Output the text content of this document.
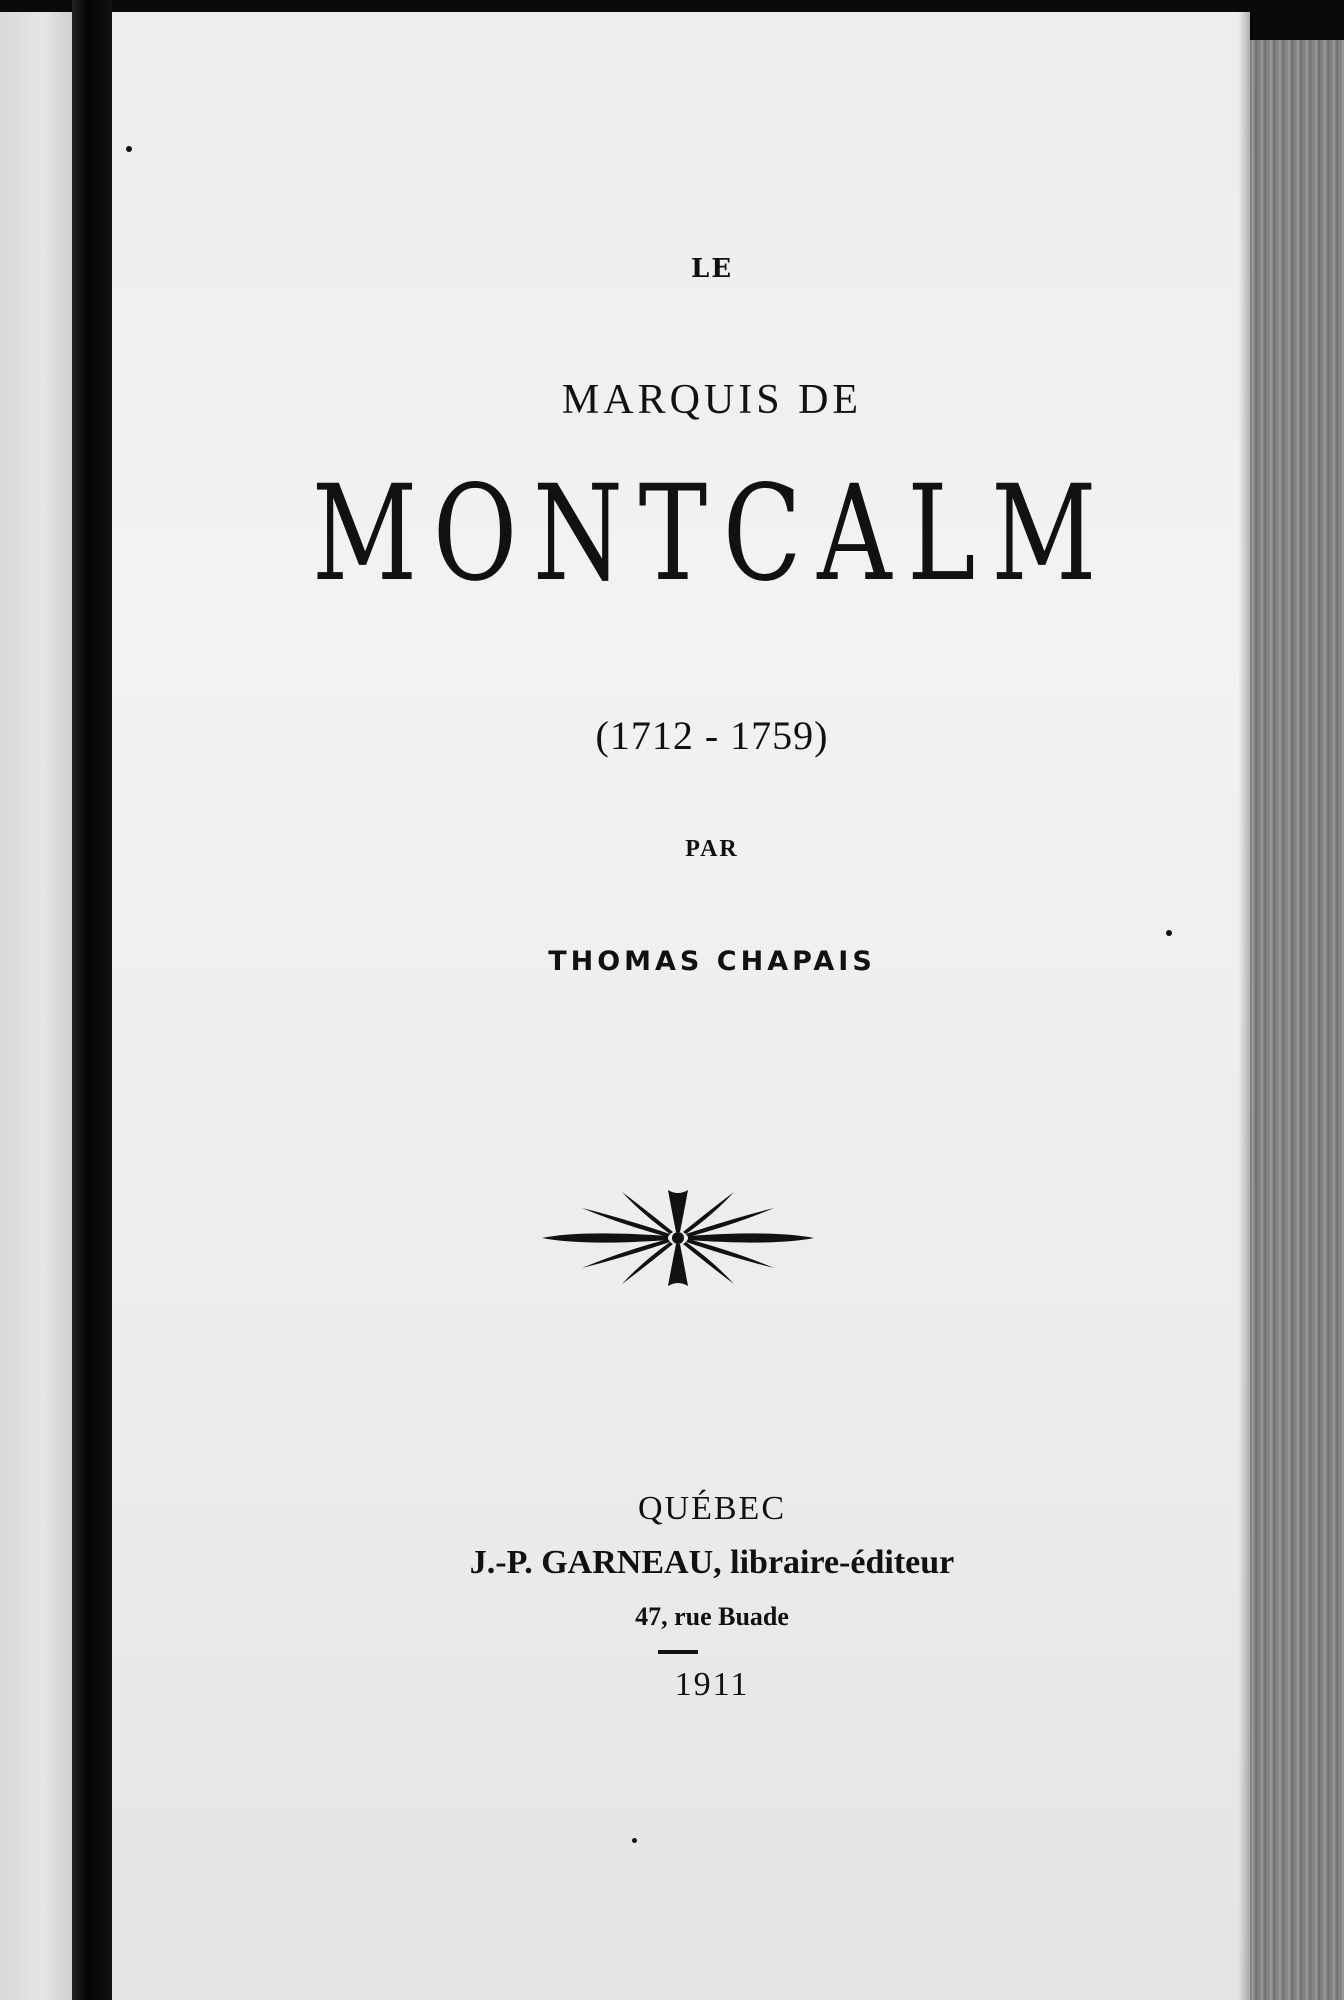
LE

MARQUIS DE

MONTCALM

(1712 - 1759)

PAR

THOMAS CHAPAIS

QUÉBEC

J.-P. GARNEAU, libraire-éditeur

47, rue Buade

1911
